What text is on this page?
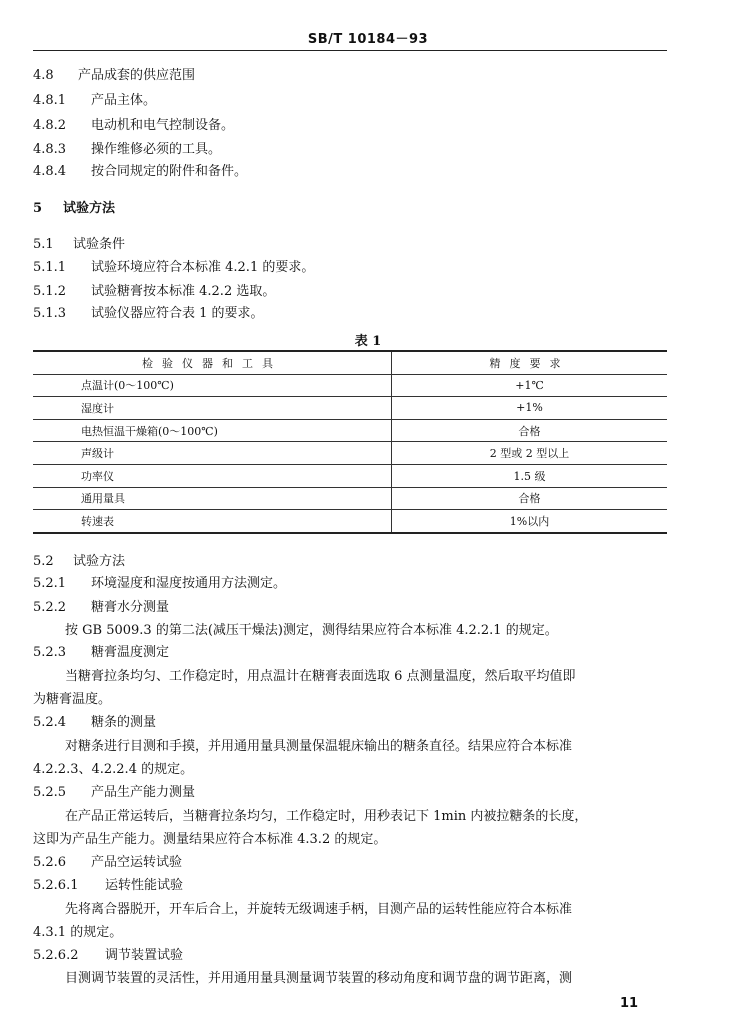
SB/T 10184－93
4.8 产品成套的供应范围
4.8.1 产品主体。
4.8.2 电动机和电气控制设备。
4.8.3 操作维修必须的工具。
4.8.4 按合同规定的附件和备件。
5 试验方法
5.1 试验条件
5.1.1 试验环境应符合本标准 4.2.1 的要求。
5.1.2 试验糖膏按本标准 4.2.2 选取。
5.1.3 试验仪器应符合表 1 的要求。
表 1
检验仪器和工具	精度要求
点温计(0～100℃)	+1℃
湿度计	+1%
电热恒温干燥箱(0～100℃)	合格
声级计	2 型或 2 型以上
功率仪	1.5 级
通用量具	合格
转速表	1%以内
5.2 试验方法
5.2.1 环境湿度和湿度按通用方法测定。
5.2.2 糖膏水分测量
按 GB 5009.3 的第二法(减压干燥法)测定，测得结果应符合本标准 4.2.2.1 的规定。
5.2.3 糖膏温度测定
当糖膏拉条均匀、工作稳定时，用点温计在糖膏表面选取 6 点测量温度，然后取平均值即
为糖膏温度。
5.2.4 糖条的测量
对糖条进行目测和手摸，并用通用量具测量保温辊床输出的糖条直径。结果应符合本标准
4.2.2.3、4.2.2.4 的规定。
5.2.5 产品生产能力测量
在产品正常运转后，当糖膏拉条均匀，工作稳定时，用秒表记下 1min 内被拉糖条的长度，
这即为产品生产能力。测量结果应符合本标准 4.3.2 的规定。
5.2.6 产品空运转试验
5.2.6.1 运转性能试验
先将离合器脱开，开车后合上，并旋转无级调速手柄，目测产品的运转性能应符合本标准
4.3.1 的规定。
5.2.6.2 调节装置试验
目测调节装置的灵活性，并用通用量具测量调节装置的移动角度和调节盘的调节距离，测
11
